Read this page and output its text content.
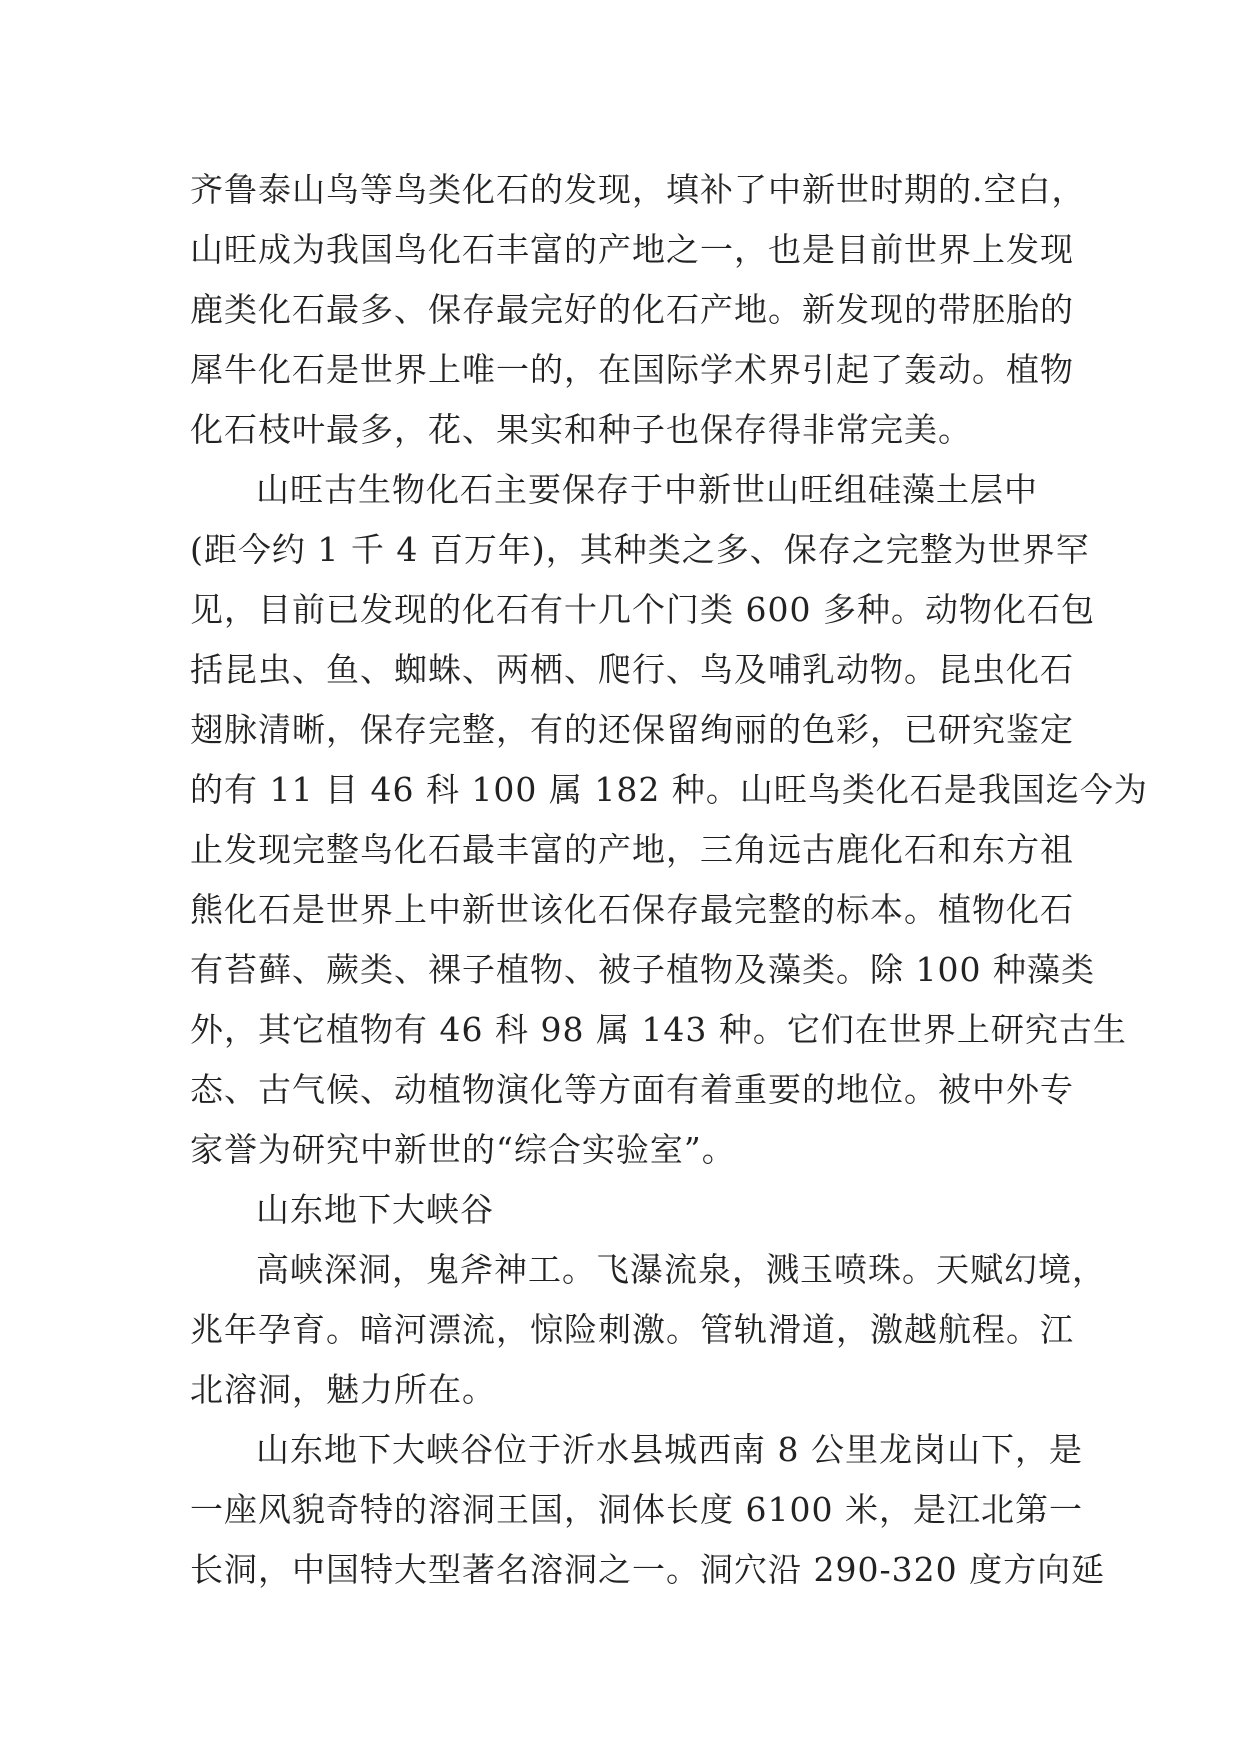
齐鲁泰山鸟等鸟类化石的发现，填补了中新世时期的.空白，
山旺成为我国鸟化石丰富的产地之一，也是目前世界上发现
鹿类化石最多、保存最完好的化石产地。新发现的带胚胎的
犀牛化石是世界上唯一的，在国际学术界引起了轰动。植物
化石枝叶最多，花、果实和种子也保存得非常完美。
山旺古生物化石主要保存于中新世山旺组硅藻土层中
(距今约 1 千 4 百万年)，其种类之多、保存之完整为世界罕
见，目前已发现的化石有十几个门类 600 多种。动物化石包
括昆虫、鱼、蜘蛛、两栖、爬行、鸟及哺乳动物。昆虫化石
翅脉清晰，保存完整，有的还保留绚丽的色彩，已研究鉴定
的有 11 目 46 科 100 属 182 种。山旺鸟类化石是我国迄今为
止发现完整鸟化石最丰富的产地，三角远古鹿化石和东方祖
熊化石是世界上中新世该化石保存最完整的标本。植物化石
有苔藓、蕨类、裸子植物、被子植物及藻类。除 100 种藻类
外，其它植物有 46 科 98 属 143 种。它们在世界上研究古生
态、古气候、动植物演化等方面有着重要的地位。被中外专
家誉为研究中新世的“综合实验室”。
山东地下大峡谷
高峡深洞，鬼斧神工。飞瀑流泉，溅玉喷珠。天赋幻境，
兆年孕育。暗河漂流，惊险刺激。管轨滑道，激越航程。江
北溶洞，魅力所在。
山东地下大峡谷位于沂水县城西南 8 公里龙岗山下，是
一座风貌奇特的溶洞王国，洞体长度 6100 米，是江北第一
长洞，中国特大型著名溶洞之一。洞穴沿 290-320 度方向延
